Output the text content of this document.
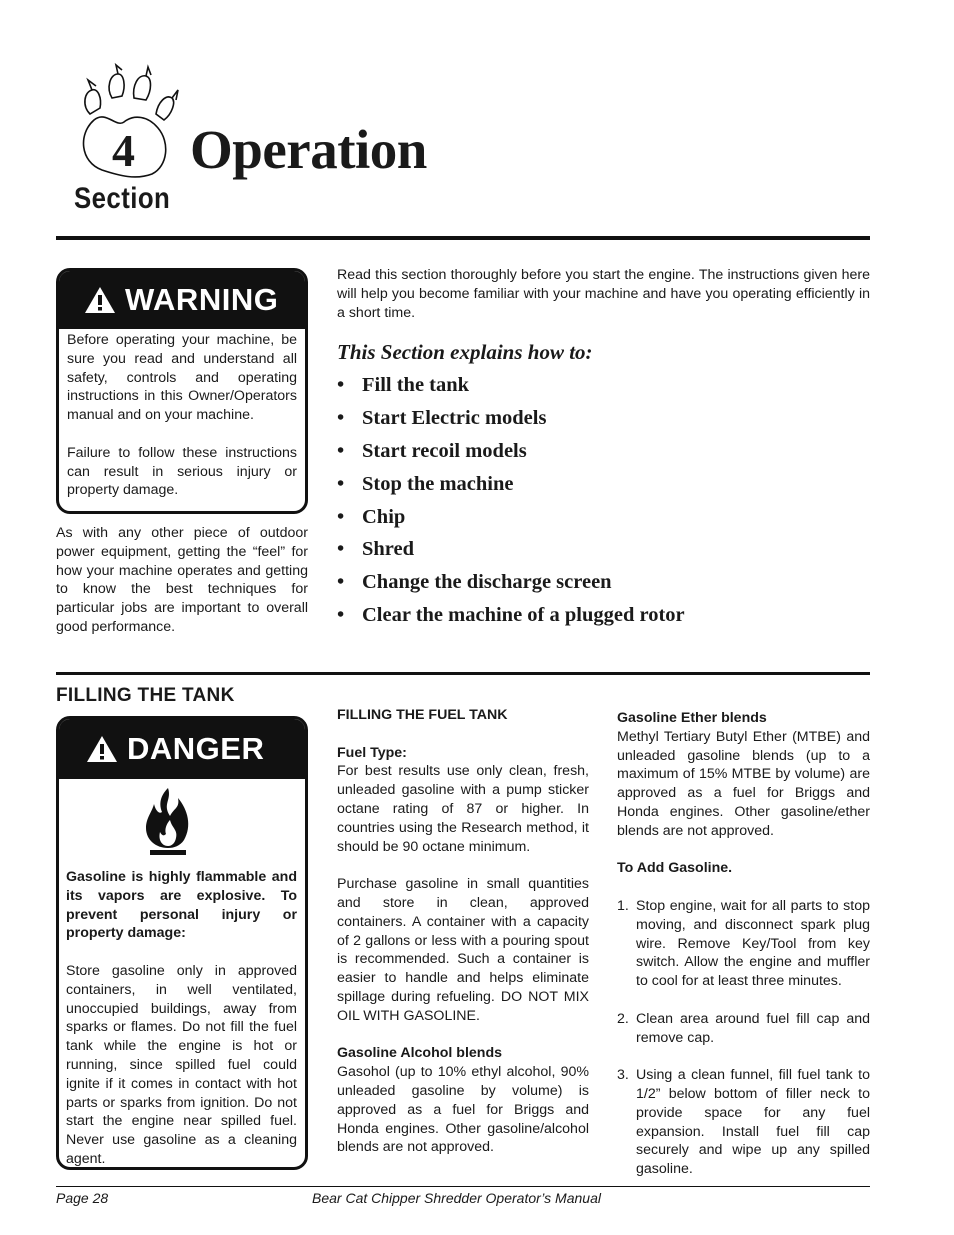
4 Operation
Section
WARNING

Before operating your machine, be sure you read and understand all safety, controls and operating instructions in this Owner/Operators manual and on your machine.

Failure to follow these instructions can result in serious injury or property damage.

As with any other piece of outdoor power equipment, getting the “feel” for how your machine operates and getting to know the best techniques for particular jobs are important to overall good performance.
Read this section thoroughly before you start the engine. The instructions given here will help you become familiar with your machine and have you operating efficiently in a short time.
This Section explains how to:
• Fill the tank
• Start Electric models
• Start recoil models
• Stop the machine
• Chip
• Shred
• Change the discharge screen
• Clear the machine of a plugged rotor
FILLING THE TANK
DANGER
Gasoline is highly flammable and its vapors are explosive. To prevent personal injury or property damage:
Store gasoline only in approved containers, in well ventilated, unoccupied buildings, away from sparks or flames. Do not fill the fuel tank while the engine is hot or running, since spilled fuel could ignite if it comes in contact with hot parts or sparks from ignition. Do not start the engine near spilled fuel. Never use gasoline as a cleaning agent.

FILLING THE FUEL TANK

Fuel Type:

For best results use only clean, fresh, unleaded gasoline with a pump sticker octane rating of 87 or higher. In countries using the Research method, it should be 90 octane minimum.

Purchase gasoline in small quantities and store in clean, approved containers. A container with a capacity of 2 gallons or less with a pouring spout is recommended. Such a container is easier to handle and helps eliminate spillage during refueling. DO NOT MIX OIL WITH GASOLINE.

Gasoline Alcohol blends

Gasohol (up to 10% ethyl alcohol, 90% unleaded gasoline by volume) is approved as a fuel for Briggs and Honda engines. Other gasoline/alcohol blends are not approved.

Gasoline Ether blends

Methyl Tertiary Butyl Ether (MTBE) and unleaded gasoline blends (up to a maximum of 15% MTBE by volume) are approved as a fuel for Briggs and Honda engines. Other gasoline/ether blends are not approved.

To Add Gasoline.

1. Stop engine, wait for all parts to stop moving, and disconnect spark plug wire. Remove Key/Tool from key switch. Allow the engine and muffler to cool for at least three minutes.
2. Clean area around fuel fill cap and remove cap.
3. Using a clean funnel, fill fuel tank to 1/2” below bottom of filler neck to provide space for any fuel expansion. Install fuel fill cap securely and wipe up any spilled gasoline.
Page 28	Bear Cat Chipper Shredder Operator’s Manual
